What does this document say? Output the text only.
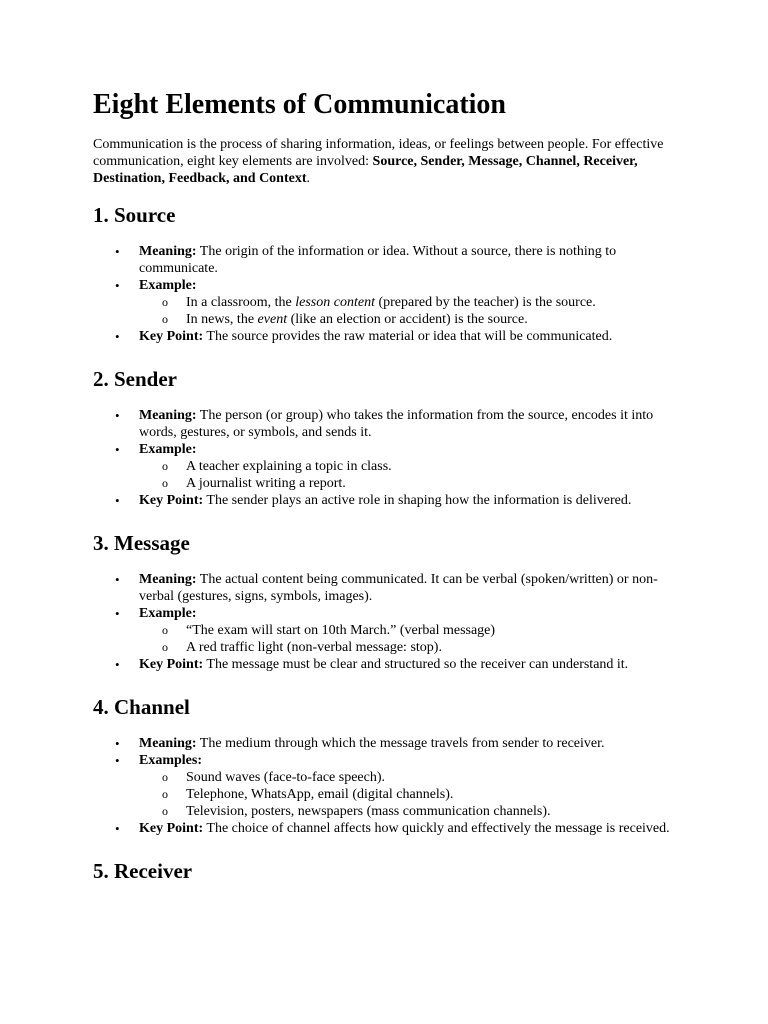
Eight Elements of Communication

Communication is the process of sharing information, ideas, or feelings between people. For effective communication, eight key elements are involved: Source, Sender, Message, Channel, Receiver, Destination, Feedback, and Context.

1. Source
• Meaning: The origin of the information or idea. Without a source, there is nothing to communicate.
• Example:
o In a classroom, the lesson content (prepared by the teacher) is the source.
o In news, the event (like an election or accident) is the source.
• Key Point: The source provides the raw material or idea that will be communicated.
2. Sender
• Meaning: The person (or group) who takes the information from the source, encodes it into words, gestures, or symbols, and sends it.
• Example:
o A teacher explaining a topic in class.
o A journalist writing a report.
• Key Point: The sender plays an active role in shaping how the information is delivered.
3. Message
• Meaning: The actual content being communicated. It can be verbal (spoken/written) or non-verbal (gestures, signs, symbols, images).
• Example:
o “The exam will start on 10th March.” (verbal message)
o A red traffic light (non-verbal message: stop).
• Key Point: The message must be clear and structured so the receiver can understand it.
4. Channel
• Meaning: The medium through which the message travels from sender to receiver.
• Examples:
o Sound waves (face-to-face speech).
o Telephone, WhatsApp, email (digital channels).
o Television, posters, newspapers (mass communication channels).
• Key Point: The choice of channel affects how quickly and effectively the message is received.
5. Receiver
